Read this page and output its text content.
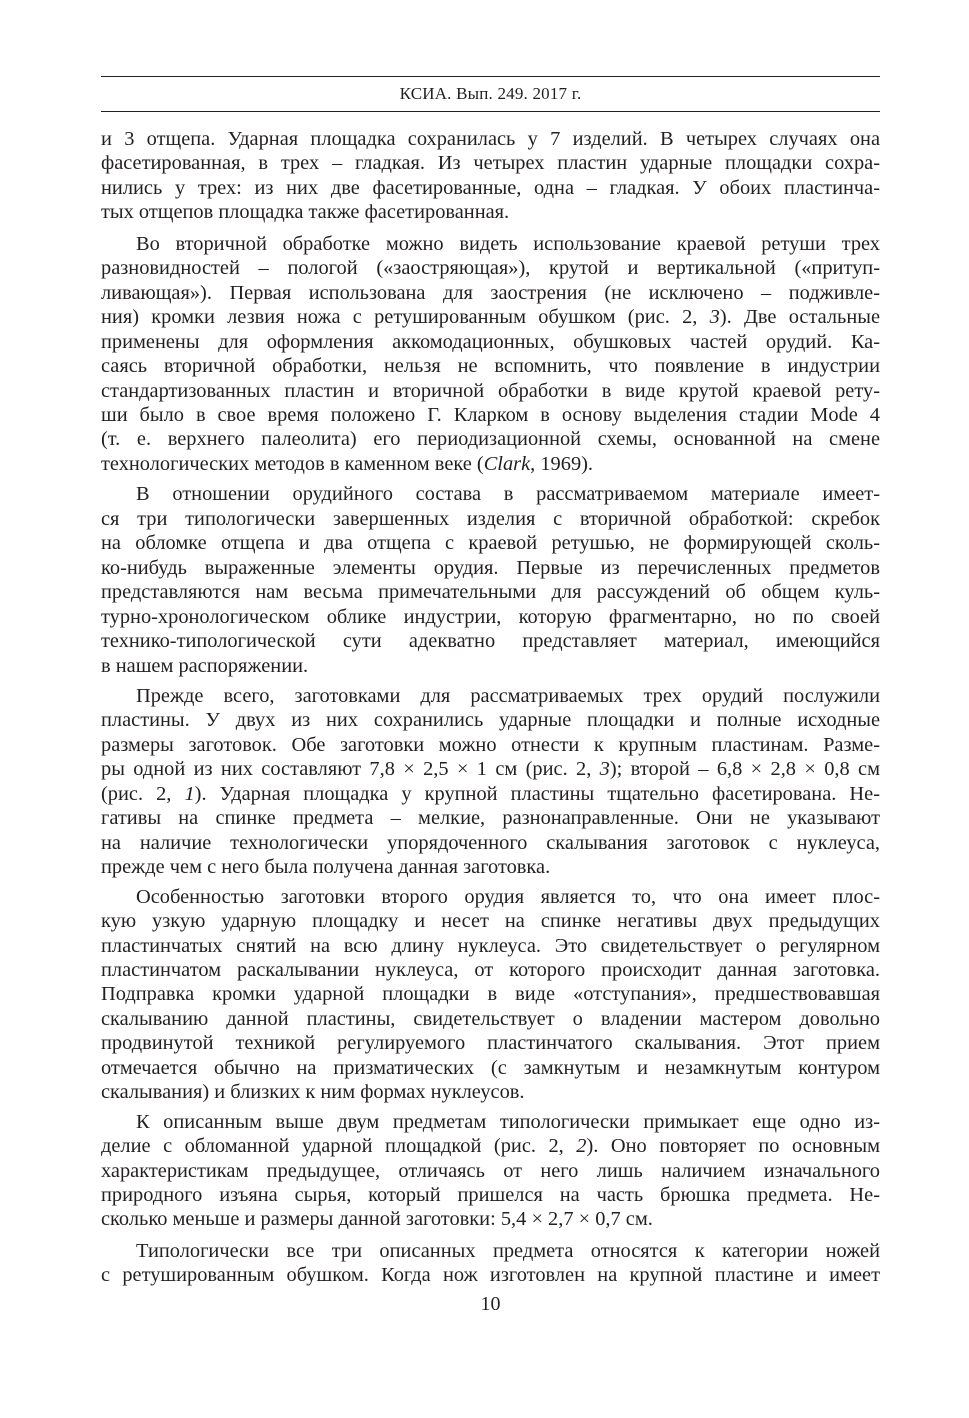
КСИА. Вып. 249. 2017 г.

и 3 отщепа. Ударная площадка сохранилась у 7 изделий. В четырех случаях она
фасетированная, в трех – гладкая. Из четырех пластин ударные площадки сохра-
нились у трех: из них две фасетированные, одна – гладкая. У обоих пластинча-
тых отщепов площадка также фасетированная.

Во вторичной обработке можно видеть использование краевой ретуши трех
разновидностей – пологой («заостряющая»), крутой и вертикальной («притуп-
ливающая»). Первая использована для заострения (не исключено – подживле-
ния) кромки лезвия ножа с ретушированным обушком (рис. 2, 3). Две остальные
применены для оформления аккомодационных, обушковых частей орудий. Ка-
саясь вторичной обработки, нельзя не вспомнить, что появление в индустрии
стандартизованных пластин и вторичной обработки в виде крутой краевой рету-
ши было в свое время положено Г. Кларком в основу выделения стадии Mode 4
(т. е. верхнего палеолита) его периодизационной схемы, основанной на смене
технологических методов в каменном веке (Clark, 1969).

В отношении орудийного состава в рассматриваемом материале имеет-
ся три типологически завершенных изделия с вторичной обработкой: скребок
на обломке отщепа и два отщепа с краевой ретушью, не формирующей сколь-
ко-нибудь выраженные элементы орудия. Первые из перечисленных предметов
представляются нам весьма примечательными для рассуждений об общем куль-
турно-хронологическом облике индустрии, которую фрагментарно, но по своей
технико-типологической сути адекватно представляет материал, имеющийся
в нашем распоряжении.

Прежде всего, заготовками для рассматриваемых трех орудий послужили
пластины. У двух из них сохранились ударные площадки и полные исходные
размеры заготовок. Обе заготовки можно отнести к крупным пластинам. Разме-
ры одной из них составляют 7,8 × 2,5 × 1 см (рис. 2, 3); второй – 6,8 × 2,8 × 0,8 см
(рис. 2, 1). Ударная площадка у крупной пластины тщательно фасетирована. Не-
гативы на спинке предмета – мелкие, разнонаправленные. Они не указывают
на наличие технологически упорядоченного скалывания заготовок с нуклеуса,
прежде чем с него была получена данная заготовка.

Особенностью заготовки второго орудия является то, что она имеет плос-
кую узкую ударную площадку и несет на спинке негативы двух предыдущих
пластинчатых снятий на всю длину нуклеуса. Это свидетельствует о регулярном
пластинчатом раскалывании нуклеуса, от которого происходит данная заготовка.
Подправка кромки ударной площадки в виде «отступания», предшествовавшая
скалыванию данной пластины, свидетельствует о владении мастером довольно
продвинутой техникой регулируемого пластинчатого скалывания. Этот прием
отмечается обычно на призматических (с замкнутым и незамкнутым контуром
скалывания) и близких к ним формах нуклеусов.

К описанным выше двум предметам типологически примыкает еще одно из-
делие с обломанной ударной площадкой (рис. 2, 2). Оно повторяет по основным
характеристикам предыдущее, отличаясь от него лишь наличием изначального
природного изъяна сырья, который пришелся на часть брюшка предмета. Не-
сколько меньше и размеры данной заготовки: 5,4 × 2,7 × 0,7 см.

Типологически все три описанных предмета относятся к категории ножей
с ретушированным обушком. Когда нож изготовлен на крупной пластине и имеет

10
